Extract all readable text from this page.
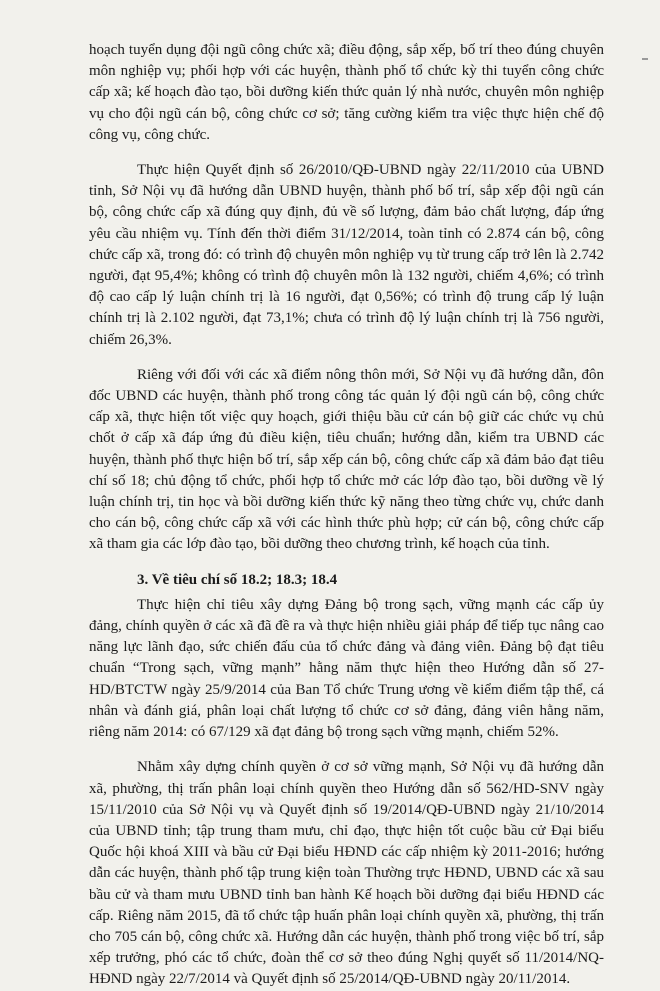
hoạch tuyển dụng đội ngũ công chức xã; điều động, sắp xếp, bố trí theo đúng chuyên môn nghiệp vụ; phối hợp với các huyện, thành phố tổ chức kỳ thi tuyển công chức cấp xã; kế hoạch đào tạo, bồi dưỡng kiến thức quản lý nhà nước, chuyên môn nghiệp vụ cho đội ngũ cán bộ, công chức cơ sở; tăng cường kiểm tra việc thực hiện chế độ công vụ, công chức.

Thực hiện Quyết định số 26/2010/QĐ-UBND ngày 22/11/2010 của UBND tỉnh, Sở Nội vụ đã hướng dẫn UBND huyện, thành phố bố trí, sắp xếp đội ngũ cán bộ, công chức cấp xã đúng quy định, đủ về số lượng, đảm bảo chất lượng, đáp ứng yêu cầu nhiệm vụ. Tính đến thời điểm 31/12/2014, toàn tỉnh có 2.874 cán bộ, công chức cấp xã, trong đó: có trình độ chuyên môn nghiệp vụ từ trung cấp trở lên là 2.742 người, đạt 95,4%; không có trình độ chuyên môn là 132 người, chiếm 4,6%; có trình độ cao cấp lý luận chính trị là 16 người, đạt 0,56%; có trình độ trung cấp lý luận chính trị là 2.102 người, đạt 73,1%; chưa có trình độ lý luận chính trị là 756 người, chiếm 26,3%.

Riêng với đối với các xã điểm nông thôn mới, Sở Nội vụ đã hướng dẫn, đôn đốc UBND các huyện, thành phố trong công tác quản lý đội ngũ cán bộ, công chức cấp xã, thực hiện tốt việc quy hoạch, giới thiệu bầu cử cán bộ giữ các chức vụ chủ chốt ở cấp xã đáp ứng đủ điều kiện, tiêu chuẩn; hướng dẫn, kiểm tra UBND các huyện, thành phố thực hiện bố trí, sắp xếp cán bộ, công chức cấp xã đảm bảo đạt tiêu chí số 18; chủ động tổ chức, phối hợp tổ chức mở các lớp đào tạo, bồi dưỡng về lý luận chính trị, tin học và bồi dưỡng kiến thức kỹ năng theo từng chức vụ, chức danh cho cán bộ, công chức cấp xã với các hình thức phù hợp; cử cán bộ, công chức cấp xã tham gia các lớp đào tạo, bồi dưỡng theo chương trình, kế hoạch của tỉnh.

3. Về tiêu chí số 18.2; 18.3; 18.4

Thực hiện chỉ tiêu xây dựng Đảng bộ trong sạch, vững mạnh các cấp ủy đảng, chính quyền ở các xã đã đề ra và thực hiện nhiều giải pháp để tiếp tục nâng cao năng lực lãnh đạo, sức chiến đấu của tổ chức đảng và đảng viên. Đảng bộ đạt tiêu chuẩn “Trong sạch, vững mạnh” hằng năm thực hiện theo Hướng dẫn số 27-HD/BTCTW ngày 25/9/2014 của Ban Tổ chức Trung ương về kiểm điểm tập thể, cá nhân và đánh giá, phân loại chất lượng tổ chức cơ sở đảng, đảng viên hằng năm, riêng năm 2014: có 67/129 xã đạt đảng bộ trong sạch vững mạnh, chiếm 52%.

Nhằm xây dựng chính quyền ở cơ sở vững mạnh, Sở Nội vụ đã hướng dẫn xã, phường, thị trấn phân loại chính quyền theo Hướng dẫn số 562/HD-SNV ngày 15/11/2010 của Sở Nội vụ và Quyết định số 19/2014/QĐ-UBND ngày 21/10/2014 của UBND tỉnh; tập trung tham mưu, chỉ đạo, thực hiện tốt cuộc bầu cử Đại biểu Quốc hội khoá XIII và bầu cử Đại biểu HĐND các cấp nhiệm kỳ 2011-2016; hướng dẫn các huyện, thành phố tập trung kiện toàn Thường trực HĐND, UBND các xã sau bầu cử và tham mưu UBND tỉnh ban hành Kế hoạch bồi dưỡng đại biểu HĐND các cấp. Riêng năm 2015, đã tổ chức tập huấn phân loại chính quyền xã, phường, thị trấn cho 705 cán bộ, công chức xã. Hướng dẫn các huyện, thành phố trong việc bố trí, sắp xếp trưởng, phó các tổ chức, đoàn thể cơ sở theo đúng Nghị quyết số 11/2014/NQ-HĐND ngày 22/7/2014 và Quyết định số 25/2014/QĐ-UBND ngày 20/11/2014.
